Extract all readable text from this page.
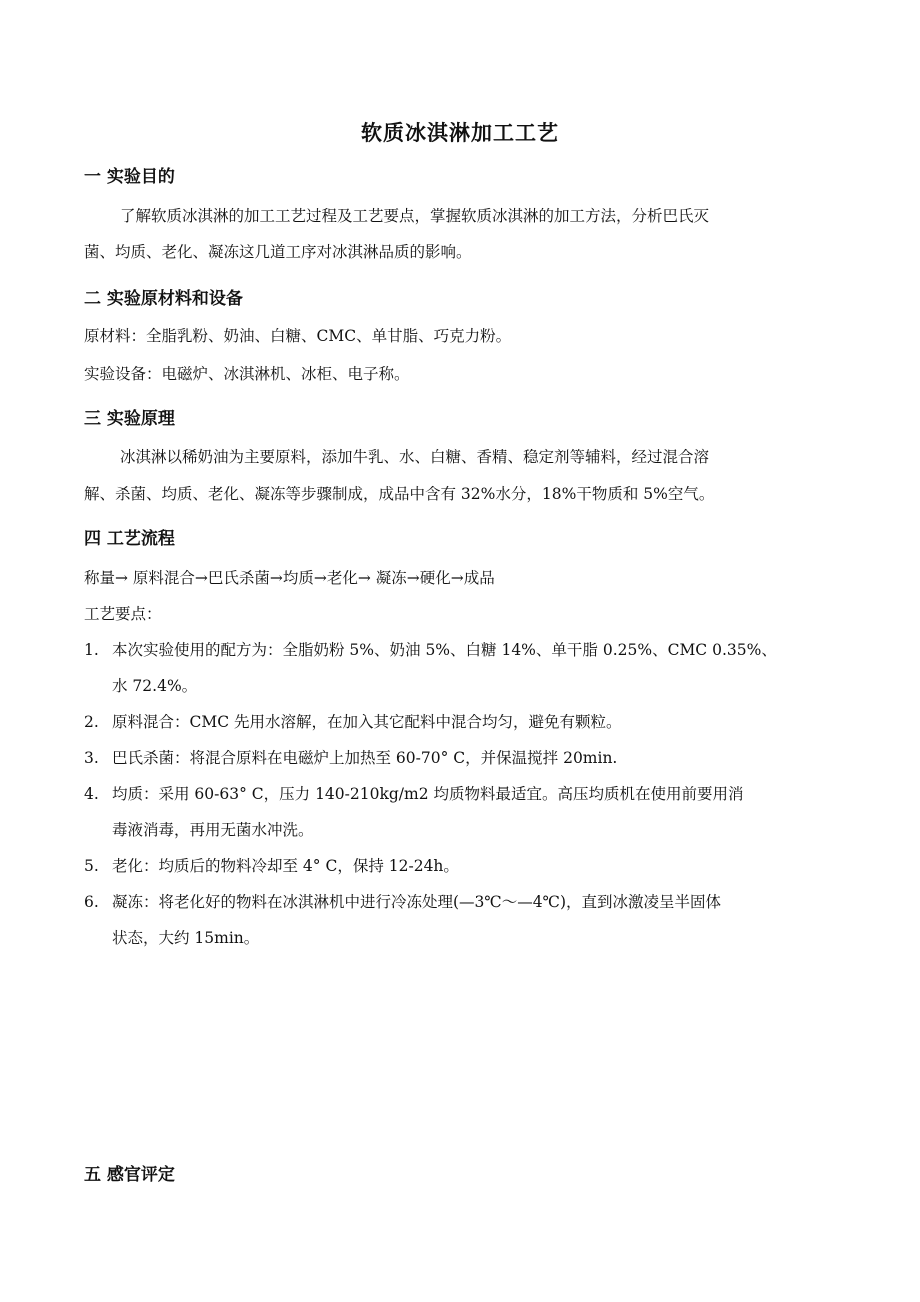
软质冰淇淋加工工艺
一 实验目的
了解软质冰淇淋的加工工艺过程及工艺要点，掌握软质冰淇淋的加工方法，分析巴氏灭
菌、均质、老化、凝冻这几道工序对冰淇淋品质的影响。
二 实验原材料和设备
原材料：全脂乳粉、奶油、白糖、CMC、单甘脂、巧克力粉。
实验设备：电磁炉、冰淇淋机、冰柜、电子称。
三 实验原理
冰淇淋以稀奶油为主要原料，添加牛乳、水、白糖、香精、稳定剂等辅料，经过混合溶
解、杀菌、均质、老化、凝冻等步骤制成，成品中含有 32%水分，18%干物质和 5%空气。
四 工艺流程
称量→ 原料混合→巴氏杀菌→均质→老化→ 凝冻→硬化→成品
工艺要点：
1. 本次实验使用的配方为：全脂奶粉 5%、奶油 5%、白糖 14%、单干脂 0.25%、CMC 0.35%、
水 72.4%。
2. 原料混合：CMC 先用水溶解，在加入其它配料中混合均匀，避免有颗粒。
3. 巴氏杀菌：将混合原料在电磁炉上加热至 60-70° C，并保温搅拌 20min.
4. 均质：采用 60-63° C，压力 140-210kg/m2 均质物料最适宜。高压均质机在使用前要用消
毒液消毒，再用无菌水冲洗。
5. 老化：均质后的物料冷却至 4° C，保持 12-24h。
6. 凝冻：将老化好的物料在冰淇淋机中进行冷冻处理(—3℃～—4℃)，直到冰激凌呈半固体
状态，大约 15min。
五 感官评定
